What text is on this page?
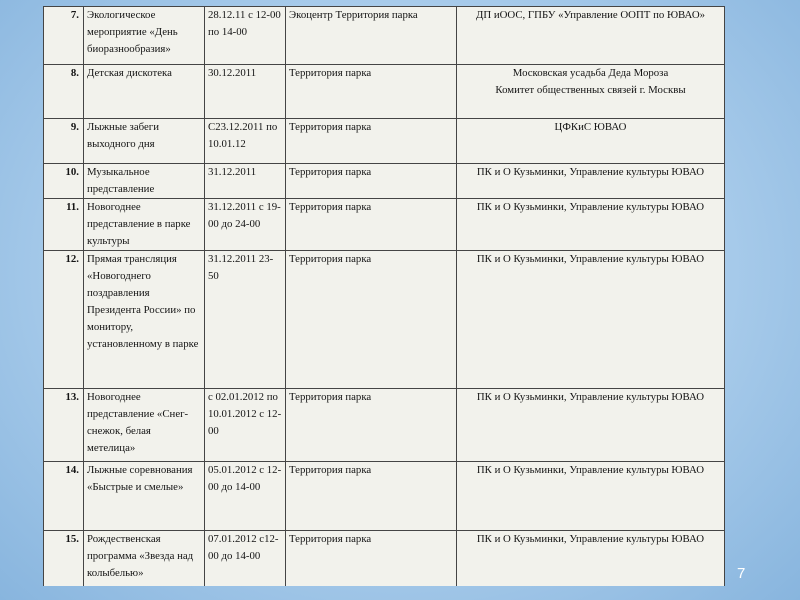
7.	Экологическое мероприятие «День биоразнообразия»	28.12.11 с 12-00 по 14-00	Экоцентр Территория парка	ДП иООС, ГПБУ «Управление ООПТ по ЮВАО»

8.	Детская дискотека	30.12.2011	Территория парка	Московская усадьба Деда Мороза
Комитет общественных связей г. Москвы

9.	Лыжные забеги выходного дня	С23.12.2011 по 10.01.12	Территория парка	ЦФКиС ЮВАО

10.	Музыкальное представление	31.12.2011	Территория парка	ПК и О Кузьминки, Управление культуры ЮВАО

11.	Новогоднее представление в парке культуры	31.12.2011 с 19-00 до 24-00	Территория парка	ПК и О Кузьминки, Управление культуры ЮВАО

12.	Прямая трансляция «Новогоднего поздравления Президента России» по монитору, установленному в парке	31.12.2011 23-50	Территория парка	ПК и О Кузьминки, Управление культуры ЮВАО

13.	Новогоднее представление «Снег-снежок, белая метелица»	с 02.01.2012 по 10.01.2012 с 12-00	Территория парка	ПК и О Кузьминки, Управление культуры ЮВАО

14.	Лыжные соревнования «Быстрые и смелые»	05.01.2012 с 12-00 до 14-00	Территория парка	ПК и О Кузьминки, Управление культуры ЮВАО

15.	Рождественская программа «Звезда над колыбелью»	07.01.2012 с12-00 до 14-00	Территория парка	ПК и О Кузьминки, Управление культуры ЮВАО
7
